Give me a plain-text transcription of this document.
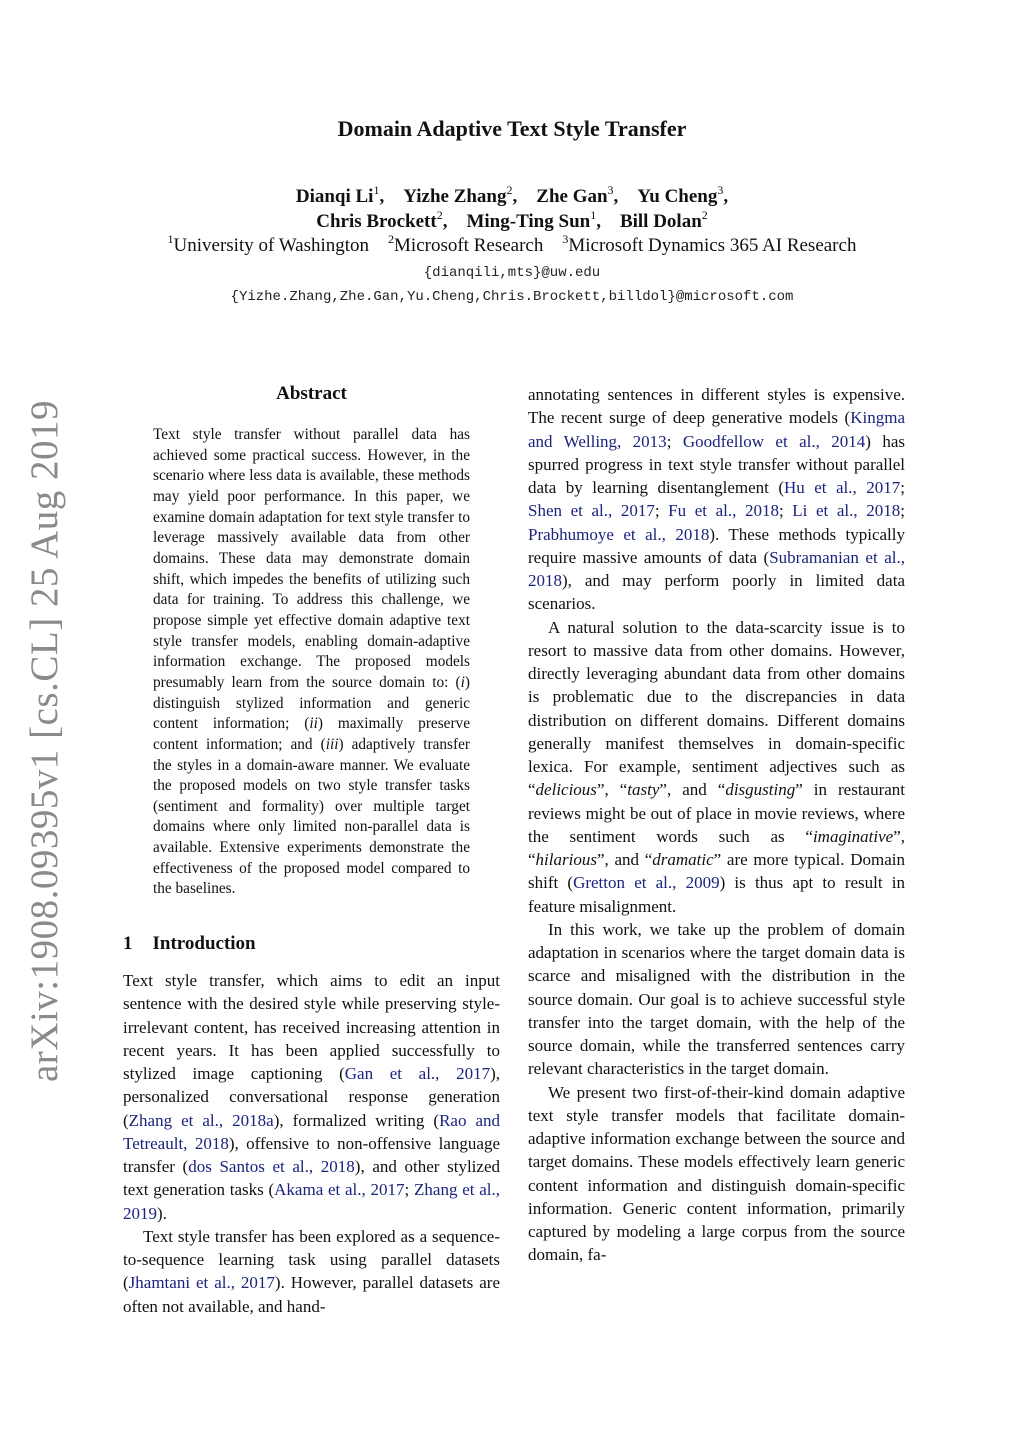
arXiv:1908.09395v1 [cs.CL] 25 Aug 2019
Domain Adaptive Text Style Transfer
Dianqi Li$^1$, Yizhe Zhang$^2$, Zhe Gan$^3$, Yu Cheng$^3$,
Chris Brockett$^2$, Ming-Ting Sun$^1$, Bill Dolan$^2$
$^1$University of Washington  $^2$Microsoft Research  $^3$Microsoft Dynamics 365 AI Research
{dianqili,mts}@uw.edu
{Yizhe.Zhang,Zhe.Gan,Yu.Cheng,Chris.Brockett,billdol}@microsoft.com
Abstract
Text style transfer without parallel data has achieved some practical success. However, in the scenario where less data is available, these methods may yield poor performance. In this paper, we examine domain adaptation for text style transfer to leverage massively available data from other domains. These data may demonstrate domain shift, which impedes the benefits of utilizing such data for training. To address this challenge, we propose simple yet effective domain adaptive text style transfer models, enabling domain-adaptive information exchange. The proposed models presumably learn from the source domain to: (i) distinguish stylized information and generic content information; (ii) maximally preserve content information; and (iii) adaptively transfer the styles in a domain-aware manner. We evaluate the proposed models on two style transfer tasks (sentiment and formality) over multiple target domains where only limited non-parallel data is available. Extensive experiments demonstrate the effectiveness of the proposed model compared to the baselines.
1 Introduction

Text style transfer, which aims to edit an input sentence with the desired style while preserving style-irrelevant content, has received increasing attention in recent years. It has been applied successfully to stylized image captioning (Gan et al., 2017), personalized conversational response generation (Zhang et al., 2018a), formalized writing (Rao and Tetreault, 2018), offensive to non-offensive language transfer (dos Santos et al., 2018), and other stylized text generation tasks (Akama et al., 2017; Zhang et al., 2019).

Text style transfer has been explored as a sequence-to-sequence learning task using parallel datasets (Jhamtani et al., 2017). However, parallel datasets are often not available, and hand-

annotating sentences in different styles is expensive. The recent surge of deep generative models (Kingma and Welling, 2013; Goodfellow et al., 2014) has spurred progress in text style transfer without parallel data by learning disentanglement (Hu et al., 2017; Shen et al., 2017; Fu et al., 2018; Li et al., 2018; Prabhumoye et al., 2018). These methods typically require massive amounts of data (Subramanian et al., 2018), and may perform poorly in limited data scenarios.

A natural solution to the data-scarcity issue is to resort to massive data from other domains. However, directly leveraging abundant data from other domains is problematic due to the discrepancies in data distribution on different domains. Different domains generally manifest themselves in domain-specific lexica. For example, sentiment adjectives such as “delicious”, “tasty”, and “disgusting” in restaurant reviews might be out of place in movie reviews, where the sentiment words such as “imaginative”, “hilarious”, and “dramatic” are more typical. Domain shift (Gretton et al., 2009) is thus apt to result in feature misalignment.

In this work, we take up the problem of domain adaptation in scenarios where the target domain data is scarce and misaligned with the distribution in the source domain. Our goal is to achieve successful style transfer into the target domain, with the help of the source domain, while the transferred sentences carry relevant characteristics in the target domain.

We present two first-of-their-kind domain adaptive text style transfer models that facilitate domain-adaptive information exchange between the source and target domains. These models effectively learn generic content information and distinguish domain-specific information. Generic content information, primarily captured by modeling a large corpus from the source domain, fa-
